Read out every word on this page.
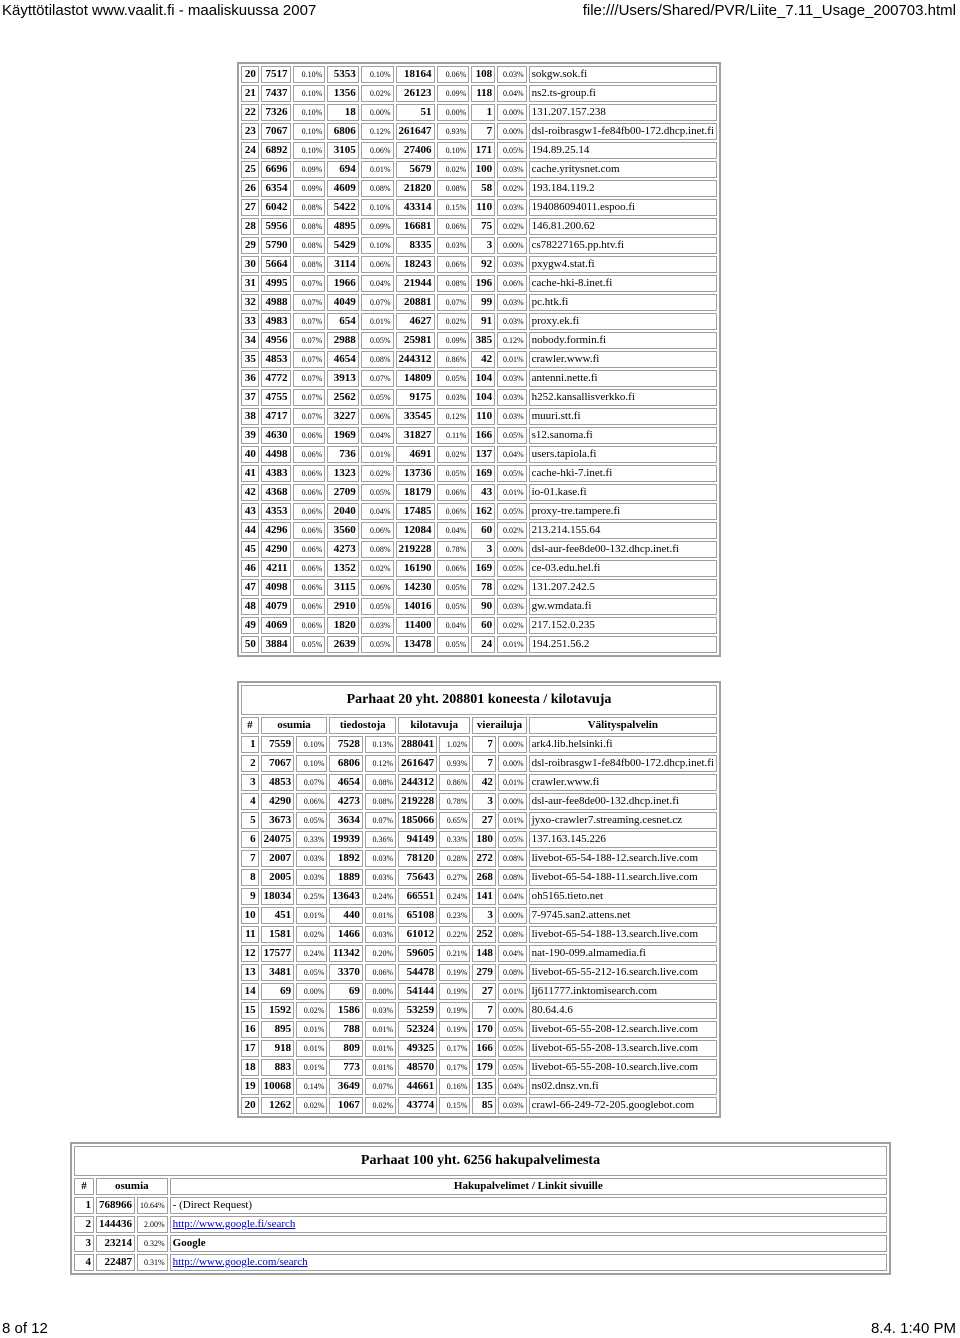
Käyttötilastot www.vaalit.fi - maaliskuussa 2007	file:///Users/Shared/PVR/Liite_7.11_Usage_200703.html
20	7517	0.10%	5353	0.10%	18164	0.06%	108	0.03%	sokgw.sok.fi
21	7437	0.10%	1356	0.02%	26123	0.09%	118	0.04%	ns2.ts-group.fi
22	7326	0.10%	18	0.00%	51	0.00%	1	0.00%	131.207.157.238
23	7067	0.10%	6806	0.12%	261647	0.93%	7	0.00%	dsl-roibrasgw1-fe84fb00-172.dhcp.inet.fi
24	6892	0.10%	3105	0.06%	27406	0.10%	171	0.05%	194.89.25.14
25	6696	0.09%	694	0.01%	5679	0.02%	100	0.03%	cache.yritysnet.com
26	6354	0.09%	4609	0.08%	21820	0.08%	58	0.02%	193.184.119.2
27	6042	0.08%	5422	0.10%	43314	0.15%	110	0.03%	194086094011.espoo.fi
28	5956	0.08%	4895	0.09%	16681	0.06%	75	0.02%	146.81.200.62
29	5790	0.08%	5429	0.10%	8335	0.03%	3	0.00%	cs78227165.pp.htv.fi
30	5664	0.08%	3114	0.06%	18243	0.06%	92	0.03%	pxygw4.stat.fi
31	4995	0.07%	1966	0.04%	21944	0.08%	196	0.06%	cache-hki-8.inet.fi
32	4988	0.07%	4049	0.07%	20881	0.07%	99	0.03%	pc.htk.fi
33	4983	0.07%	654	0.01%	4627	0.02%	91	0.03%	proxy.ek.fi
34	4956	0.07%	2988	0.05%	25981	0.09%	385	0.12%	nobody.formin.fi
35	4853	0.07%	4654	0.08%	244312	0.86%	42	0.01%	crawler.www.fi
36	4772	0.07%	3913	0.07%	14809	0.05%	104	0.03%	antenni.nette.fi
37	4755	0.07%	2562	0.05%	9175	0.03%	104	0.03%	h252.kansallisverkko.fi
38	4717	0.07%	3227	0.06%	33545	0.12%	110	0.03%	muuri.stt.fi
39	4630	0.06%	1969	0.04%	31827	0.11%	166	0.05%	s12.sanoma.fi
40	4498	0.06%	736	0.01%	4691	0.02%	137	0.04%	users.tapiola.fi
41	4383	0.06%	1323	0.02%	13736	0.05%	169	0.05%	cache-hki-7.inet.fi
42	4368	0.06%	2709	0.05%	18179	0.06%	43	0.01%	io-01.kase.fi
43	4353	0.06%	2040	0.04%	17485	0.06%	162	0.05%	proxy-tre.tampere.fi
44	4296	0.06%	3560	0.06%	12084	0.04%	60	0.02%	213.214.155.64
45	4290	0.06%	4273	0.08%	219228	0.78%	3	0.00%	dsl-aur-fee8de00-132.dhcp.inet.fi
46	4211	0.06%	1352	0.02%	16190	0.06%	169	0.05%	ce-03.edu.hel.fi
47	4098	0.06%	3115	0.06%	14230	0.05%	78	0.02%	131.207.242.5
48	4079	0.06%	2910	0.05%	14016	0.05%	90	0.03%	gw.wmdata.fi
49	4069	0.06%	1820	0.03%	11400	0.04%	60	0.02%	217.152.0.235
50	3884	0.05%	2639	0.05%	13478	0.05%	24	0.01%	194.251.56.2
Parhaat 20 yht. 208801 koneesta / kilotavuja									
#	osumia		tiedostoja		kilotavuja		vierailuja		Välityspalvelin
1	7559	0.10%	7528	0.13%	288041	1.02%	7	0.00%	ark4.lib.helsinki.fi
2	7067	0.10%	6806	0.12%	261647	0.93%	7	0.00%	dsl-roibrasgw1-fe84fb00-172.dhcp.inet.fi
3	4853	0.07%	4654	0.08%	244312	0.86%	42	0.01%	crawler.www.fi
4	4290	0.06%	4273	0.08%	219228	0.78%	3	0.00%	dsl-aur-fee8de00-132.dhcp.inet.fi
5	3673	0.05%	3634	0.07%	185066	0.65%	27	0.01%	jyxo-crawler7.streaming.cesnet.cz
6	24075	0.33%	19939	0.36%	94149	0.33%	180	0.05%	137.163.145.226
7	2007	0.03%	1892	0.03%	78120	0.28%	272	0.08%	livebot-65-54-188-12.search.live.com
8	2005	0.03%	1889	0.03%	75643	0.27%	268	0.08%	livebot-65-54-188-11.search.live.com
9	18034	0.25%	13643	0.24%	66551	0.24%	141	0.04%	oh5165.tieto.net
10	451	0.01%	440	0.01%	65108	0.23%	3	0.00%	7-9745.san2.attens.net
11	1581	0.02%	1466	0.03%	61012	0.22%	252	0.08%	livebot-65-54-188-13.search.live.com
12	17577	0.24%	11342	0.20%	59605	0.21%	148	0.04%	nat-190-099.almamedia.fi
13	3481	0.05%	3370	0.06%	54478	0.19%	279	0.08%	livebot-65-55-212-16.search.live.com
14	69	0.00%	69	0.00%	54144	0.19%	27	0.01%	lj611777.inktomisearch.com
15	1592	0.02%	1586	0.03%	53259	0.19%	7	0.00%	80.64.4.6
16	895	0.01%	788	0.01%	52324	0.19%	170	0.05%	livebot-65-55-208-12.search.live.com
17	918	0.01%	809	0.01%	49325	0.17%	166	0.05%	livebot-65-55-208-13.search.live.com
18	883	0.01%	773	0.01%	48570	0.17%	179	0.05%	livebot-65-55-208-10.search.live.com
19	10068	0.14%	3649	0.07%	44661	0.16%	135	0.04%	ns02.dnsz.vn.fi
20	1262	0.02%	1067	0.02%	43774	0.15%	85	0.03%	crawl-66-249-72-205.googlebot.com
Parhaat 100 yht. 6256 hakupalvelimesta			
#	osumia		Hakupalvelimet / Linkit sivuille
1	768966	10.64%	- (Direct Request)
2	144436	2.00%	http://www.google.fi/search
3	23214	0.32%	Google
4	22487	0.31%	http://www.google.com/search
8 of 12	8.4. 1:40 PM
